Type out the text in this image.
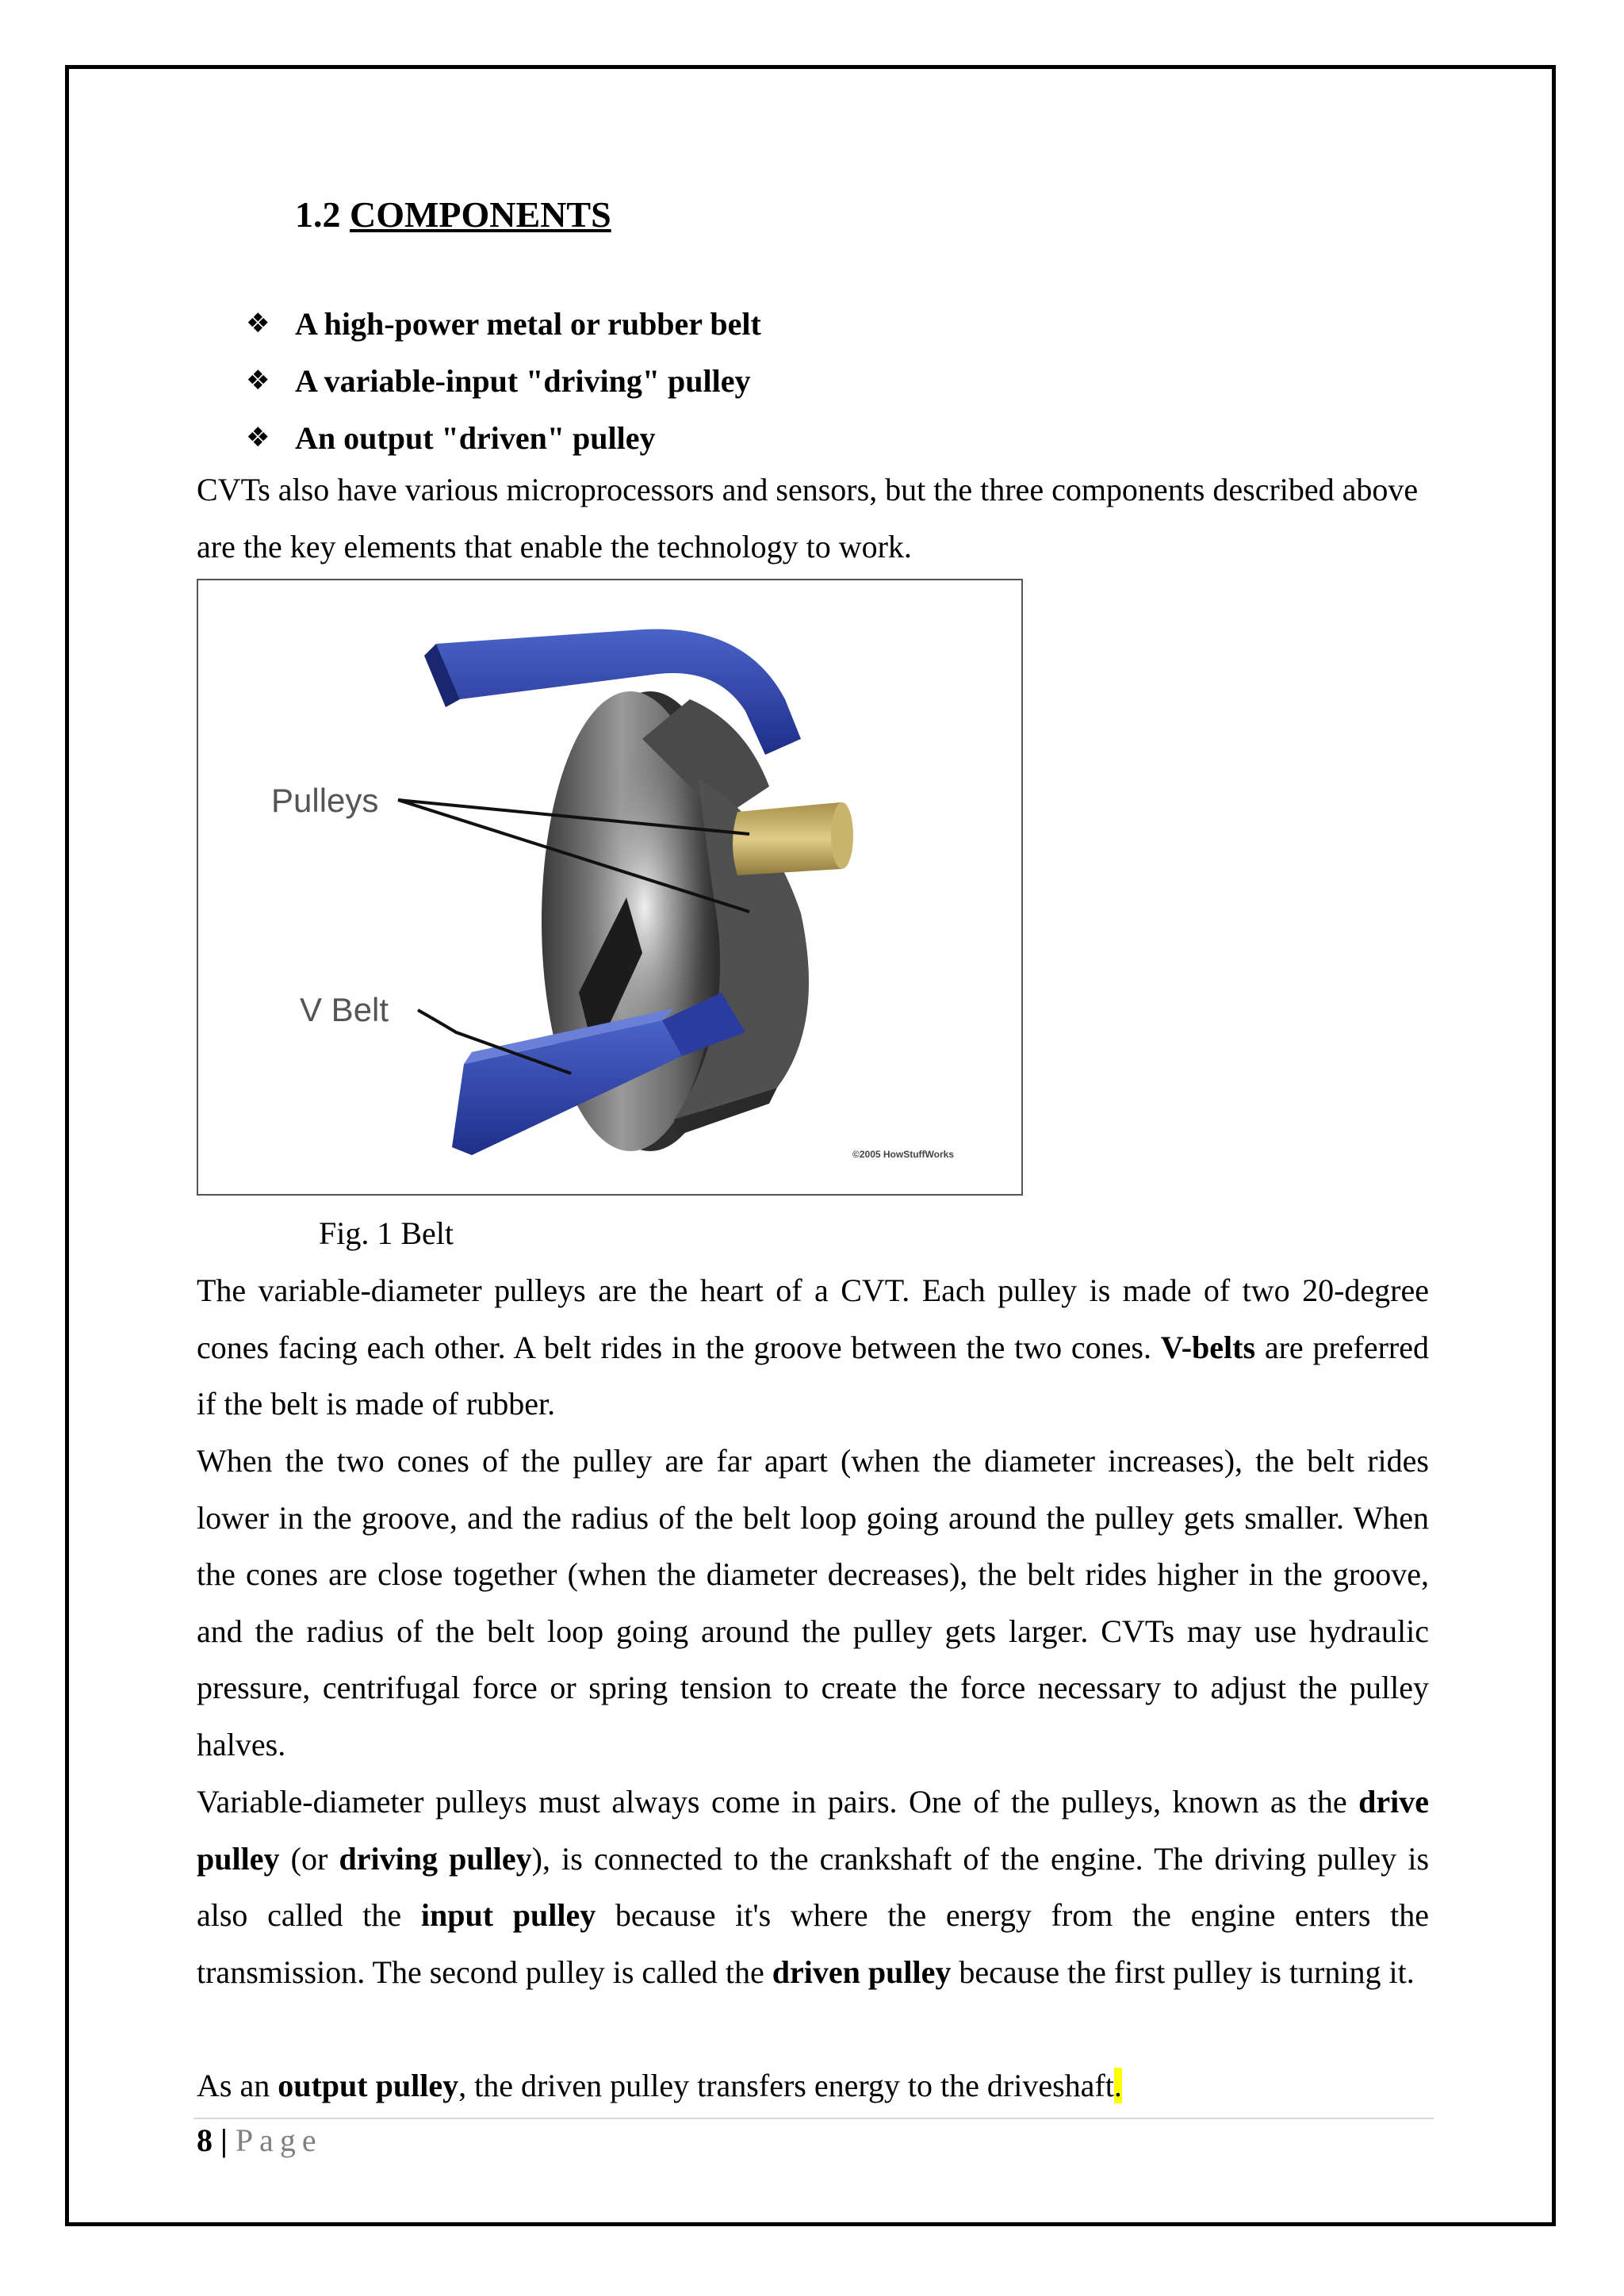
1.2 COMPONENTS
❖ A high-power metal or rubber belt
❖ A variable-input "driving" pulley
❖ An output "driven" pulley

CVTs also have various microprocessors and sensors, but the three components described above are the key elements that enable the technology to work.

Pulleys
V Belt
©2005 HowStuffWorks

Fig. 1 Belt

The variable-diameter pulleys are the heart of a CVT. Each pulley is made of two 20-degree cones facing each other. A belt rides in the groove between the two cones. V-belts are preferred if the belt is made of rubber.

When the two cones of the pulley are far apart (when the diameter increases), the belt rides lower in the groove, and the radius of the belt loop going around the pulley gets smaller. When the cones are close together (when the diameter decreases), the belt rides higher in the groove, and the radius of the belt loop going around the pulley gets larger. CVTs may use hydraulic pressure, centrifugal force or spring tension to create the force necessary to adjust the pulley halves.

Variable-diameter pulleys must always come in pairs. One of the pulleys, known as the drive pulley (or driving pulley), is connected to the crankshaft of the engine. The driving pulley is also called the input pulley because it's where the energy from the engine enters the transmission. The second pulley is called the driven pulley because the first pulley is turning it.

As an output pulley, the driven pulley transfers energy to the driveshaft.

8 | Page
